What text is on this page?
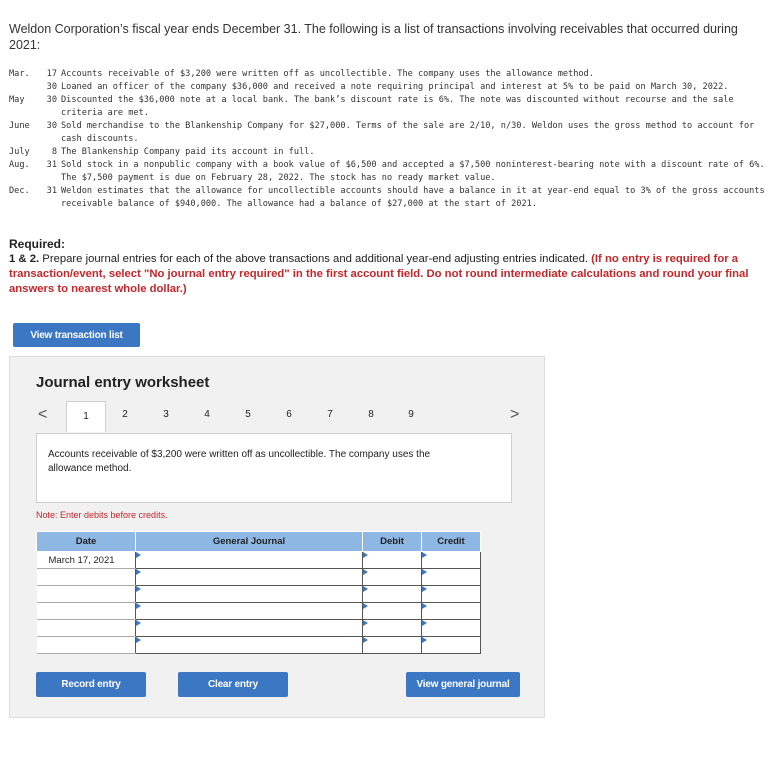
Weldon Corporation’s fiscal year ends December 31. The following is a list of transactions involving receivables that occurred during 2021:
Mar.	17 Accounts receivable of $3,200 were written off as uncollectible. The company uses the allowance method.
30 Loaned an officer of the company $36,000 and received a note requiring principal and interest at 5% to be paid on March 30, 2022.
May	30 Discounted the $36,000 note at a local bank. The bank’s discount rate is 6%. The note was discounted without recourse and the sale criteria are met.
June	30 Sold merchandise to the Blankenship Company for $27,000. Terms of the sale are 2/10, n/30. Weldon uses the gross method to account for cash discounts.
July	8 The Blankenship Company paid its account in full.
Aug.	31 Sold stock in a nonpublic company with a book value of $6,500 and accepted a $7,500 noninterest-bearing note with a discount rate of 6%. The $7,500 payment is due on February 28, 2022. The stock has no ready market value.
Dec.	31 Weldon estimates that the allowance for uncollectible accounts should have a balance in it at year-end equal to 3% of the gross accounts receivable balance of $940,000. The allowance had a balance of $27,000 at the start of 2021.
Required:
1 & 2. Prepare journal entries for each of the above transactions and additional year-end adjusting entries indicated. (If no entry is required for a transaction/event, select "No journal entry required" in the first account field. Do not round intermediate calculations and round your final answers to nearest whole dollar.)
View transaction list
Journal entry worksheet
<	1	2	3	4	5	6	7	8	9	>
Accounts receivable of $3,200 were written off as uncollectible. The company uses the allowance method.
Note: Enter debits before credits.
Date	General Journal	Debit	Credit
March 17, 2021			

Record entry	Clear entry	View general journal
